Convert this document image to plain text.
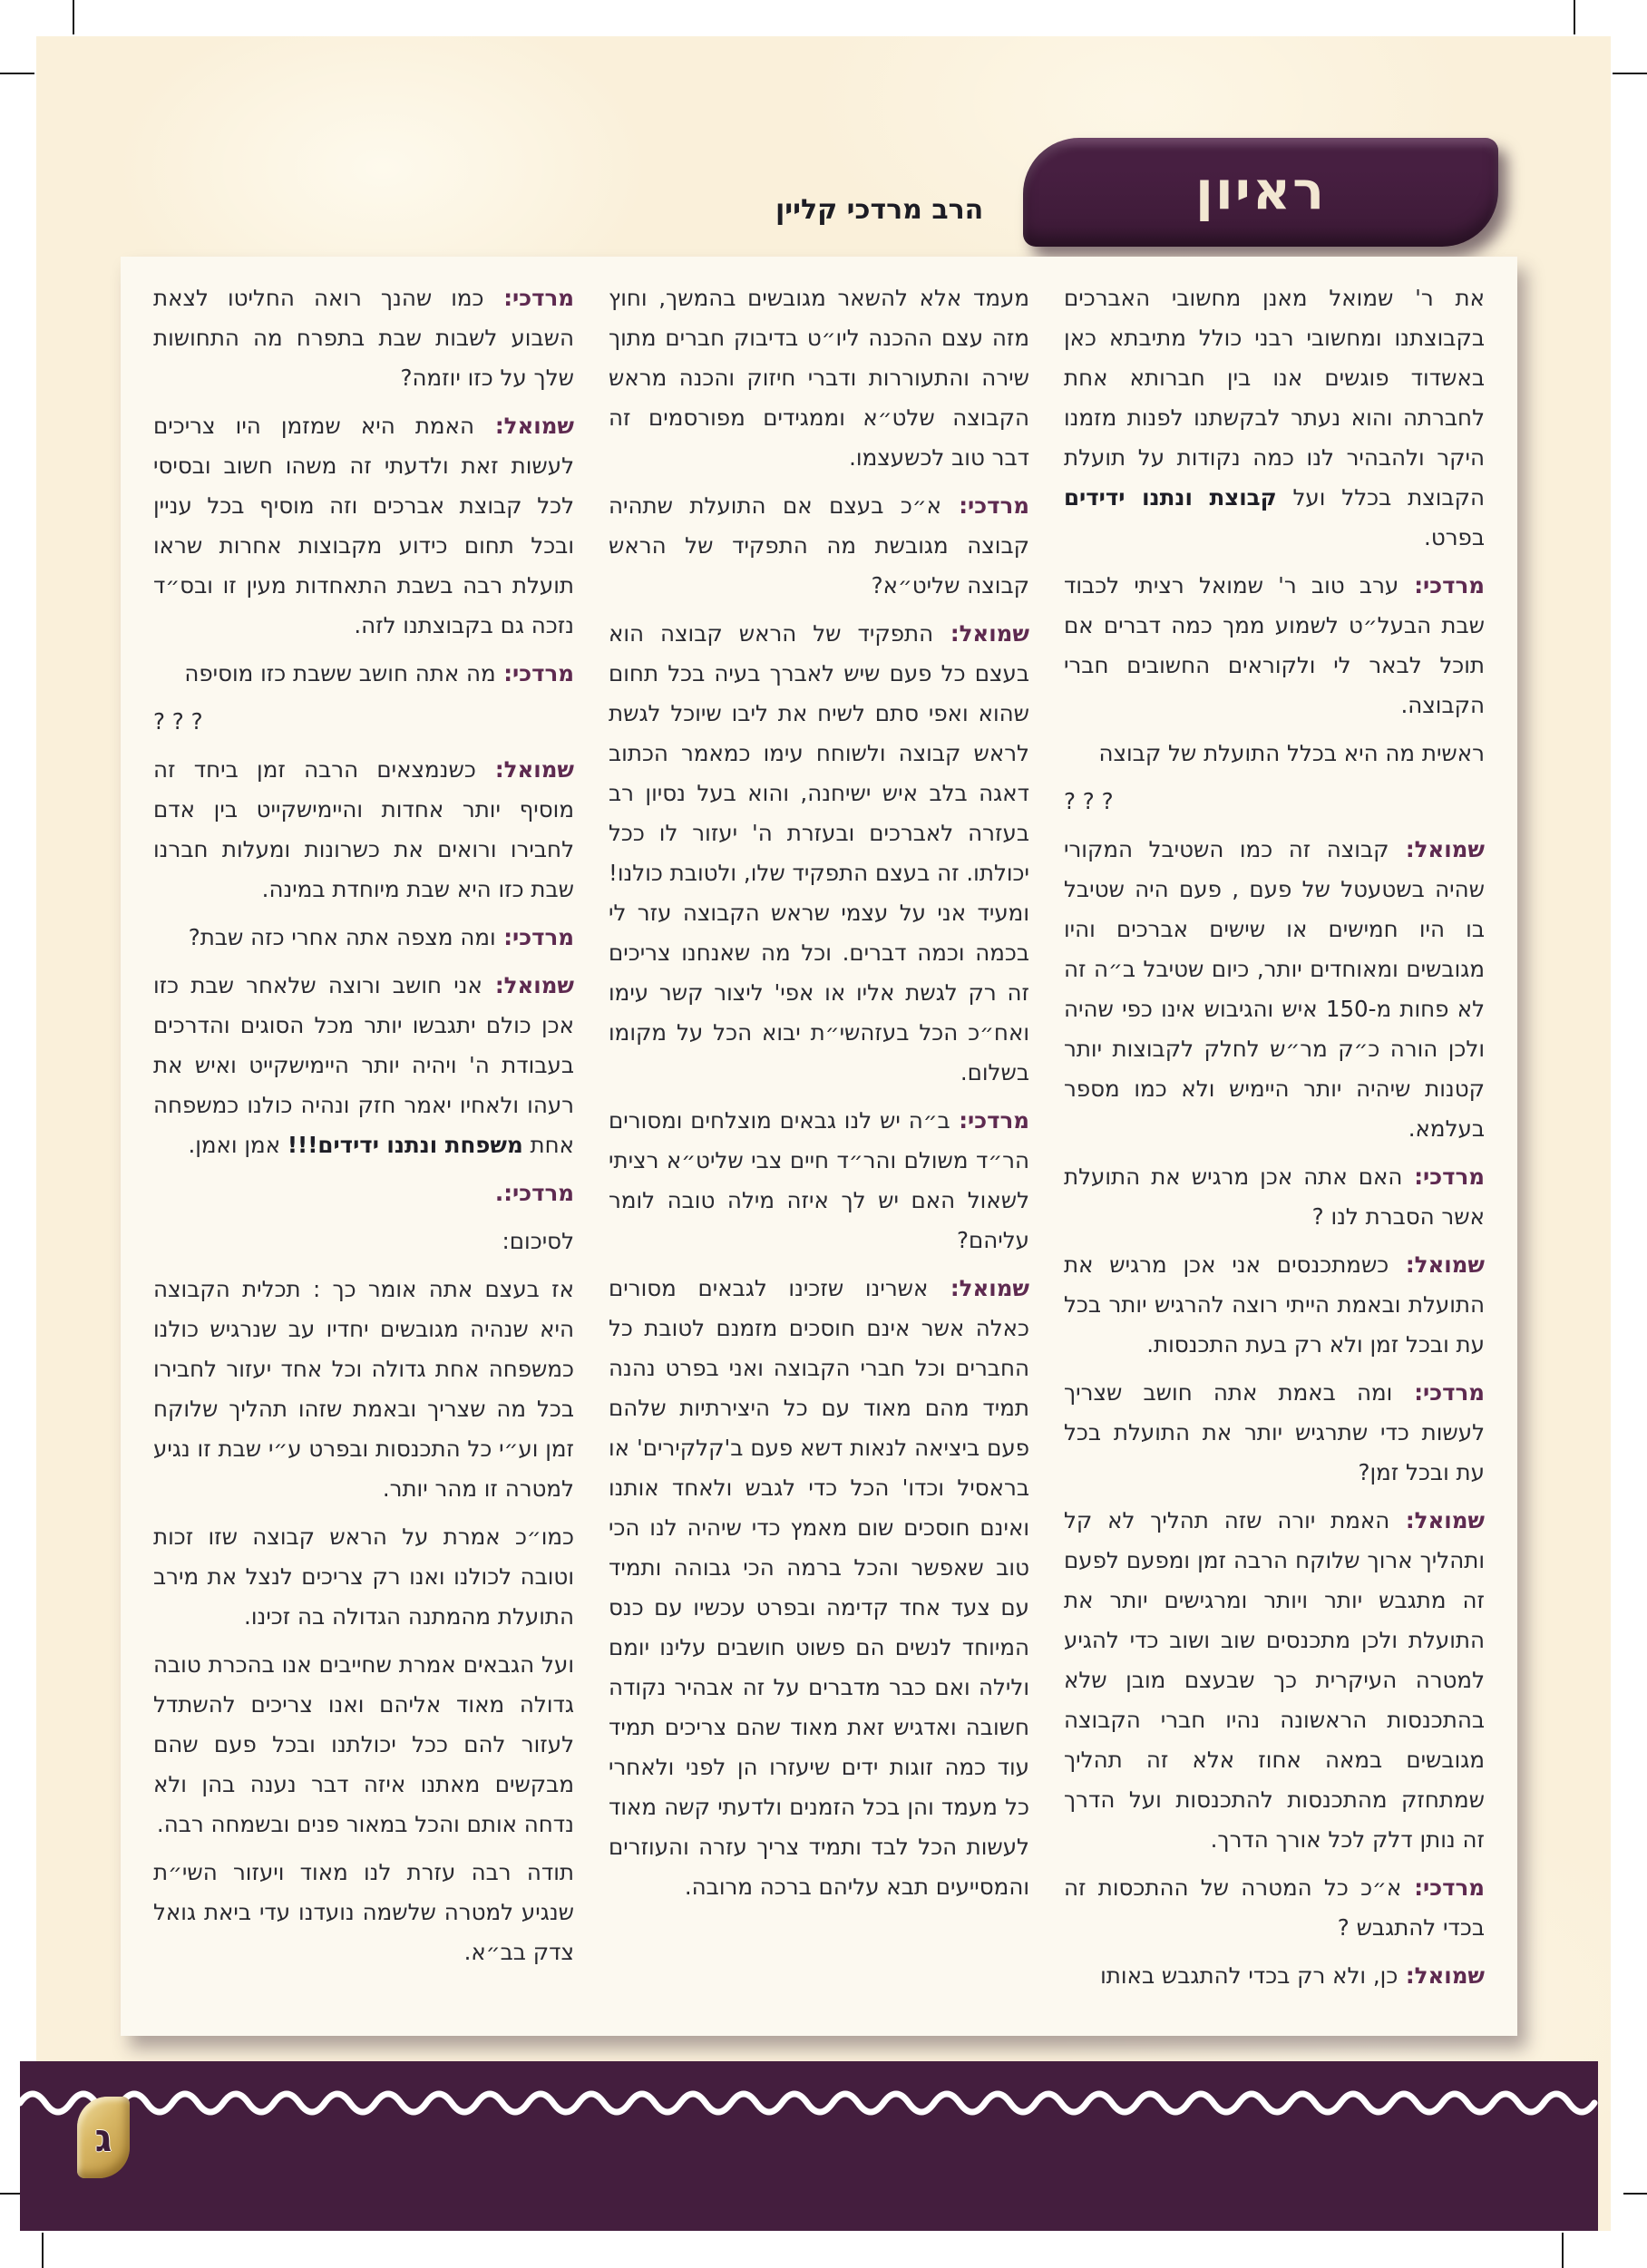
ראיון
הרב מרדכי קליין

את ר' שמואל מאנן מחשובי האברכים בקבוצתנו ומחשובי רבני כולל מתיבתא כאן באשדוד פוגשים אנו בין חברותא אחת לחברתה והוא נעתר לבקשתנו לפנות מזמנו היקר ולהבהיר לנו כמה נקודות על תועלת הקבוצת בכלל ועל קבוצת ונתנו ידידים בפרט.

מרדכי: ערב טוב ר' שמואל רציתי לכבוד שבת הבעל״ט לשמוע ממך כמה דברים אם תוכל לבאר לי ולקוראים החשובים חברי הקבוצה.

ראשית מה היא בכלל התועלת של קבוצה

? ? ?

שמואל: קבוצה זה כמו השטיבל המקורי שהיה בשטעטל של פעם , פעם היה שטיבל בו היו חמישים או שישים אברכים והיו מגובשים ומאוחדים יותר, כיום שטיבל ב״ה זה לא פחות מ-150 איש והגיבוש אינו כפי שהיה ולכן הורה כ״ק מר״ש לחלק לקבוצות יותר קטנות שיהיה יותר היימיש ולא כמו מספר בעלמא.

מרדכי: האם אתה אכן מרגיש את התועלת אשר הסברת לנו ?

שמואל: כשמתכנסים אני אכן מרגיש את התועלת ובאמת הייתי רוצה להרגיש יותר בכל עת ובכל זמן ולא רק בעת התכנסות.

מרדכי: ומה באמת אתה חושב שצריך לעשות כדי שתרגיש יותר את התועלת בכל עת ובכל זמן?

שמואל: האמת יורה שזה תהליך לא קל ותהליך ארוך שלוקח הרבה זמן ומפעם לפעם זה מתגבש יותר ויותר ומרגישים יותר את התועלת ולכן מתכנסים שוב ושוב כדי להגיע למטרה העיקרית כך שבעצם מובן שלא בהתכנסות הראשונה נהיו חברי הקבוצה מגובשים במאה אחוז אלא זה תהליך שמתחזק מהתכנסות להתכנסות ועל הדרך זה נותן דלק לכל אורך הדרך.

מרדכי: א״כ כל המטרה של ההתכסות זה בכדי להתגבש ?

שמואל: כן, ולא רק בכדי להתגבש באותו

מעמד אלא להשאר מגובשים בהמשך, וחוץ מזה עצם ההכנה ליו״ט בדיבוק חברים מתוך שירה והתעוררות ודברי חיזוק והכנה מראש הקבוצה שלט״א וממגידים מפורסמים זה דבר טוב לכשעצמו.

מרדכי: א״כ בעצם אם התועלת שתהיה קבוצה מגובשת מה התפקיד של הראש קבוצה שליט״א?

שמואל: התפקיד של הראש קבוצה הוא בעצם כל פעם שיש לאברך בעיה בכל תחום שהוא ואפי סתם לשיח את ליבו שיוכל לגשת לראש קבוצה ולשוחח עימו כמאמר הכתוב דאגה בלב איש ישיחנה, והוא בעל נסיון רב בעזרה לאברכים ובעזרת ה' יעזור לו ככל יכולתו. זה בעצם התפקיד שלו, ולטובת כולנו! ומעיד אני על עצמי שראש הקבוצה עזר לי בכמה וכמה דברים. וכל מה שאנחנו צריכים זה רק לגשת אליו או אפי' ליצור קשר עימו ואח״כ הכל בעזהשי״ת יבוא הכל על מקומו בשלום.

מרדכי: ב״ה יש לנו גבאים מוצלחים ומסורים הר״ד משולם והר״ד חיים צבי שליט״א רציתי לשאול האם יש לך איזה מילה טובה לומר עליהם?

שמואל: אשרינו שזכינו לגבאים מסורים כאלה אשר אינם חוסכים מזמנם לטובת כל החברים וכל חברי הקבוצה ואני בפרט נהנה תמיד מהם מאוד עם כל היצירתיות שלהם פעם ביציאה לנאות דשא פעם ב'קלקירים' או בראסיל וכדו' הכל כדי לגבש ולאחד אותנו ואינם חוסכים שום מאמץ כדי שיהיה לנו הכי טוב שאפשר והכל ברמה הכי גבוהה ותמיד עם צעד אחד קדימה ובפרט עכשיו עם כנס המיוחד לנשים הם פשוט חושבים עלינו יומם ולילה ואם כבר מדברים על זה אבהיר נקודה חשובה ואדגיש זאת מאוד שהם צריכים תמיד עוד כמה זוגות ידים שיעזרו הן לפני ולאחרי כל מעמד והן בכל הזמנים ולדעתי קשה מאוד לעשות הכל לבד ותמיד צריך עזרה והעוזרים והמסייעים תבא עליהם ברכה מרובה.

מרדכי: כמו שהנך רואה החליטו לצאת השבוע לשבות שבת בתפרח מה התחושות שלך על כזו יוזמה?

שמואל: האמת היא שמזמן היו צריכים לעשות זאת ולדעתי זה משהו חשוב ובסיסי לכל קבוצת אברכים וזה מוסיף בכל עניין ובכל תחום כידוע מקבוצות אחרות שראו תועלת רבה בשבת התאחדות מעין זו ובס״ד נזכה גם בקבוצתנו לזה.

מרדכי: מה אתה חושב ששבת כזו מוסיפה

? ? ?

שמואל: כשנמצאים הרבה זמן ביחד זה מוסיף יותר אחדות והיימישקייט בין אדם לחבירו ורואים את כשרונות ומעלות חברנו שבת כזו היא שבת מיוחדת במינה.

מרדכי: ומה מצפה אתה אחרי כזה שבת?

שמואל: אני חושב ורוצה שלאחר שבת כזו אכן כולם יתגבשו יותר מכל הסוגים והדרכים בעבודת ה' ויהיה יותר היימישקייט ואיש את רעהו ולאחיו יאמר חזק ונהיה כולנו כמשפחה אחת משפחת ונתנו ידידים!!! אמן ואמן.

מרדכי:.

לסיכום:

אז בעצם אתה אומר כך : תכלית הקבוצה היא שנהיה מגובשים יחדיו עב שנרגיש כולנו כמשפחה אחת גדולה וכל אחד יעזור לחבירו בכל מה שצריך ובאמת שזהו תהליך שלוקח זמן וע״י כל התכנסות ובפרט ע״י שבת זו נגיע למטרה זו מהר יותר.

כמו״כ אמרת על הראש קבוצה שזו זכות וטובה לכולנו ואנו רק צריכים לנצל את מירב התועלת מהמתנה הגדולה בה זכינו.

ועל הגבאים אמרת שחייבים אנו בהכרת טובה גדולה מאוד אליהם ואנו צריכים להשתדל לעזור להם ככל יכולתנו ובכל פעם שהם מבקשים מאתנו איזה דבר נענה בהן ולא נדחה אותם והכל במאור פנים ובשמחה רבה.

תודה רבה עזרת לנו מאוד ויעזור השי״ת שנגיע למטרה שלשמה נועדנו עדי ביאת גואל צדק בב״א.

ג
